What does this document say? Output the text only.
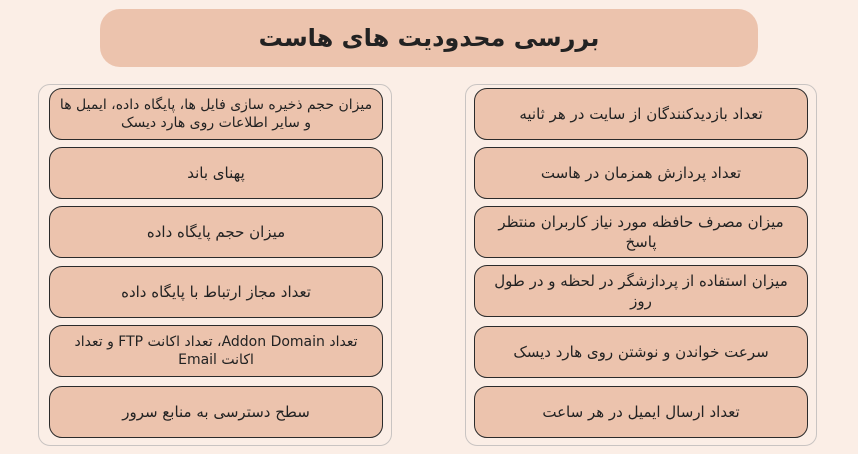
بررسی محدودیت های هاست
تعداد بازدیدکنندگان از سایت در هر ثانیه
تعداد پردازش همزمان در هاست
میزان مصرف حافظه مورد نیاز کاربران منتظر پاسخ
میزان استفاده از پردازشگر در لحظه و در طول روز
سرعت خواندن و نوشتن روی هارد دیسک
تعداد ارسال ایمیل در هر ساعت
میزان حجم ذخیره سازی فایل ها، پایگاه داده، ایمیل ها و سایر اطلاعات روی هارد دیسک
پهنای باند
میزان حجم پایگاه داده
تعداد مجاز ارتباط با پایگاه داده
تعداد Addon Domain، تعداد اکانت FTP و تعداد اکانت Email
سطح دسترسی به منابع سرور
